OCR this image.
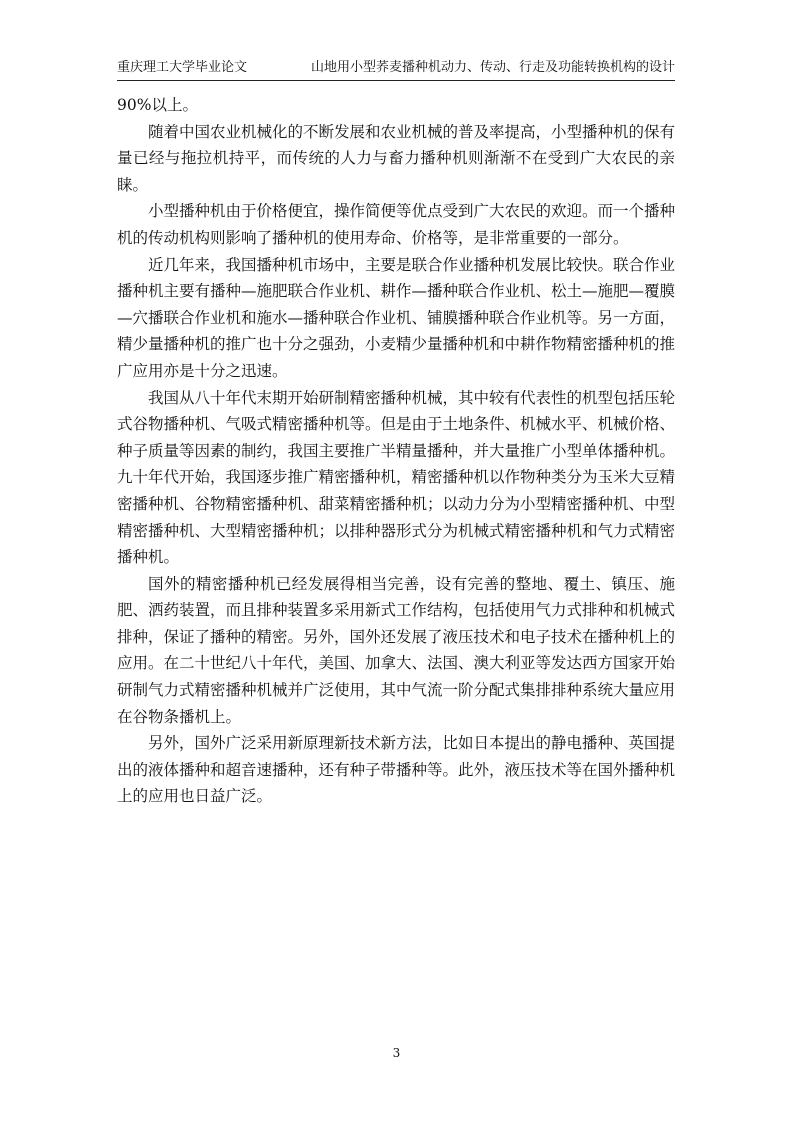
重庆理工大学毕业论文	山地用小型荞麦播种机动力、传动、行走及功能转换机构的设计

90%以上。

随着中国农业机械化的不断发展和农业机械的普及率提高，小型播种机的保有量已经与拖拉机持平，而传统的人力与畜力播种机则渐渐不在受到广大农民的亲睐。

小型播种机由于价格便宜，操作简便等优点受到广大农民的欢迎。而一个播种机的传动机构则影响了播种机的使用寿命、价格等，是非常重要的一部分。

近几年来，我国播种机市场中，主要是联合作业播种机发展比较快。联合作业播种机主要有播种—施肥联合作业机、耕作—播种联合作业机、松土—施肥—覆膜—穴播联合作业机和施水—播种联合作业机、铺膜播种联合作业机等。另一方面，精少量播种机的推广也十分之强劲，小麦精少量播种机和中耕作物精密播种机的推广应用亦是十分之迅速。

我国从八十年代末期开始研制精密播种机械，其中较有代表性的机型包括压轮式谷物播种机、气吸式精密播种机等。但是由于土地条件、机械水平、机械价格、种子质量等因素的制约，我国主要推广半精量播种，并大量推广小型单体播种机。九十年代开始，我国逐步推广精密播种机，精密播种机以作物种类分为玉米大豆精密播种机、谷物精密播种机、甜菜精密播种机；以动力分为小型精密播种机、中型精密播种机、大型精密播种机；以排种器形式分为机械式精密播种机和气力式精密播种机。

国外的精密播种机已经发展得相当完善，设有完善的整地、覆土、镇压、施肥、洒药装置，而且排种装置多采用新式工作结构，包括使用气力式排种和机械式排种，保证了播种的精密。另外，国外还发展了液压技术和电子技术在播种机上的应用。在二十世纪八十年代，美国、加拿大、法国、澳大利亚等发达西方国家开始研制气力式精密播种机械并广泛使用，其中气流一阶分配式集排排种系统大量应用在谷物条播机上。

另外，国外广泛采用新原理新技术新方法，比如日本提出的静电播种、英国提出的液体播种和超音速播种，还有种子带播种等。此外，液压技术等在国外播种机上的应用也日益广泛。

3
